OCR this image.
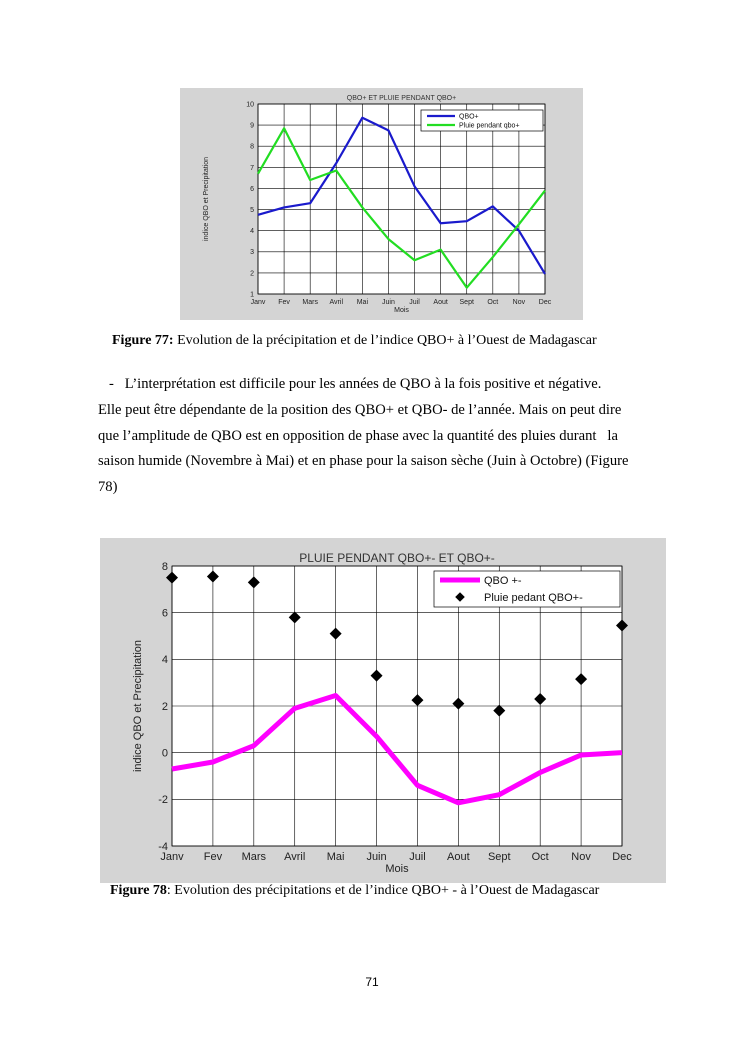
1
2
3
4
5
6
7
8
9
10
Janv Fev Mars Avril Mai Juin Juil Aout Sept Oct Nov Dec
QBO+ ET PLUIE PENDANT QBO+
Mois
indice QBO et Precipitation
QBO+
Pluie pendant qbo+
Figure 77: Evolution de la précipitation et de l’indice QBO+ à l’Ouest de Madagascar
-   L’interprétation est difficile pour les années de QBO à la fois positive et négative.
Elle peut être dépendante de la position des QBO+ et QBO- de l’année. Mais on peut dire
que l’amplitude de QBO est en opposition de phase avec la quantité des pluies durant   la
saison humide (Novembre à Mai) et en phase pour la saison sèche (Juin à Octobre) (Figure
78)
-4
-2
0
2
4
6
8
Janv Fev Mars Avril Mai Juin Juil Aout Sept Oct Nov Dec
PLUIE PENDANT QBO+- ET QBO+-
Mois
indice QBO et Precipitation
QBO +-
Pluie pedant QBO+-
Figure 78: Evolution des précipitations et de l’indice QBO+ - à l’Ouest de Madagascar
71
